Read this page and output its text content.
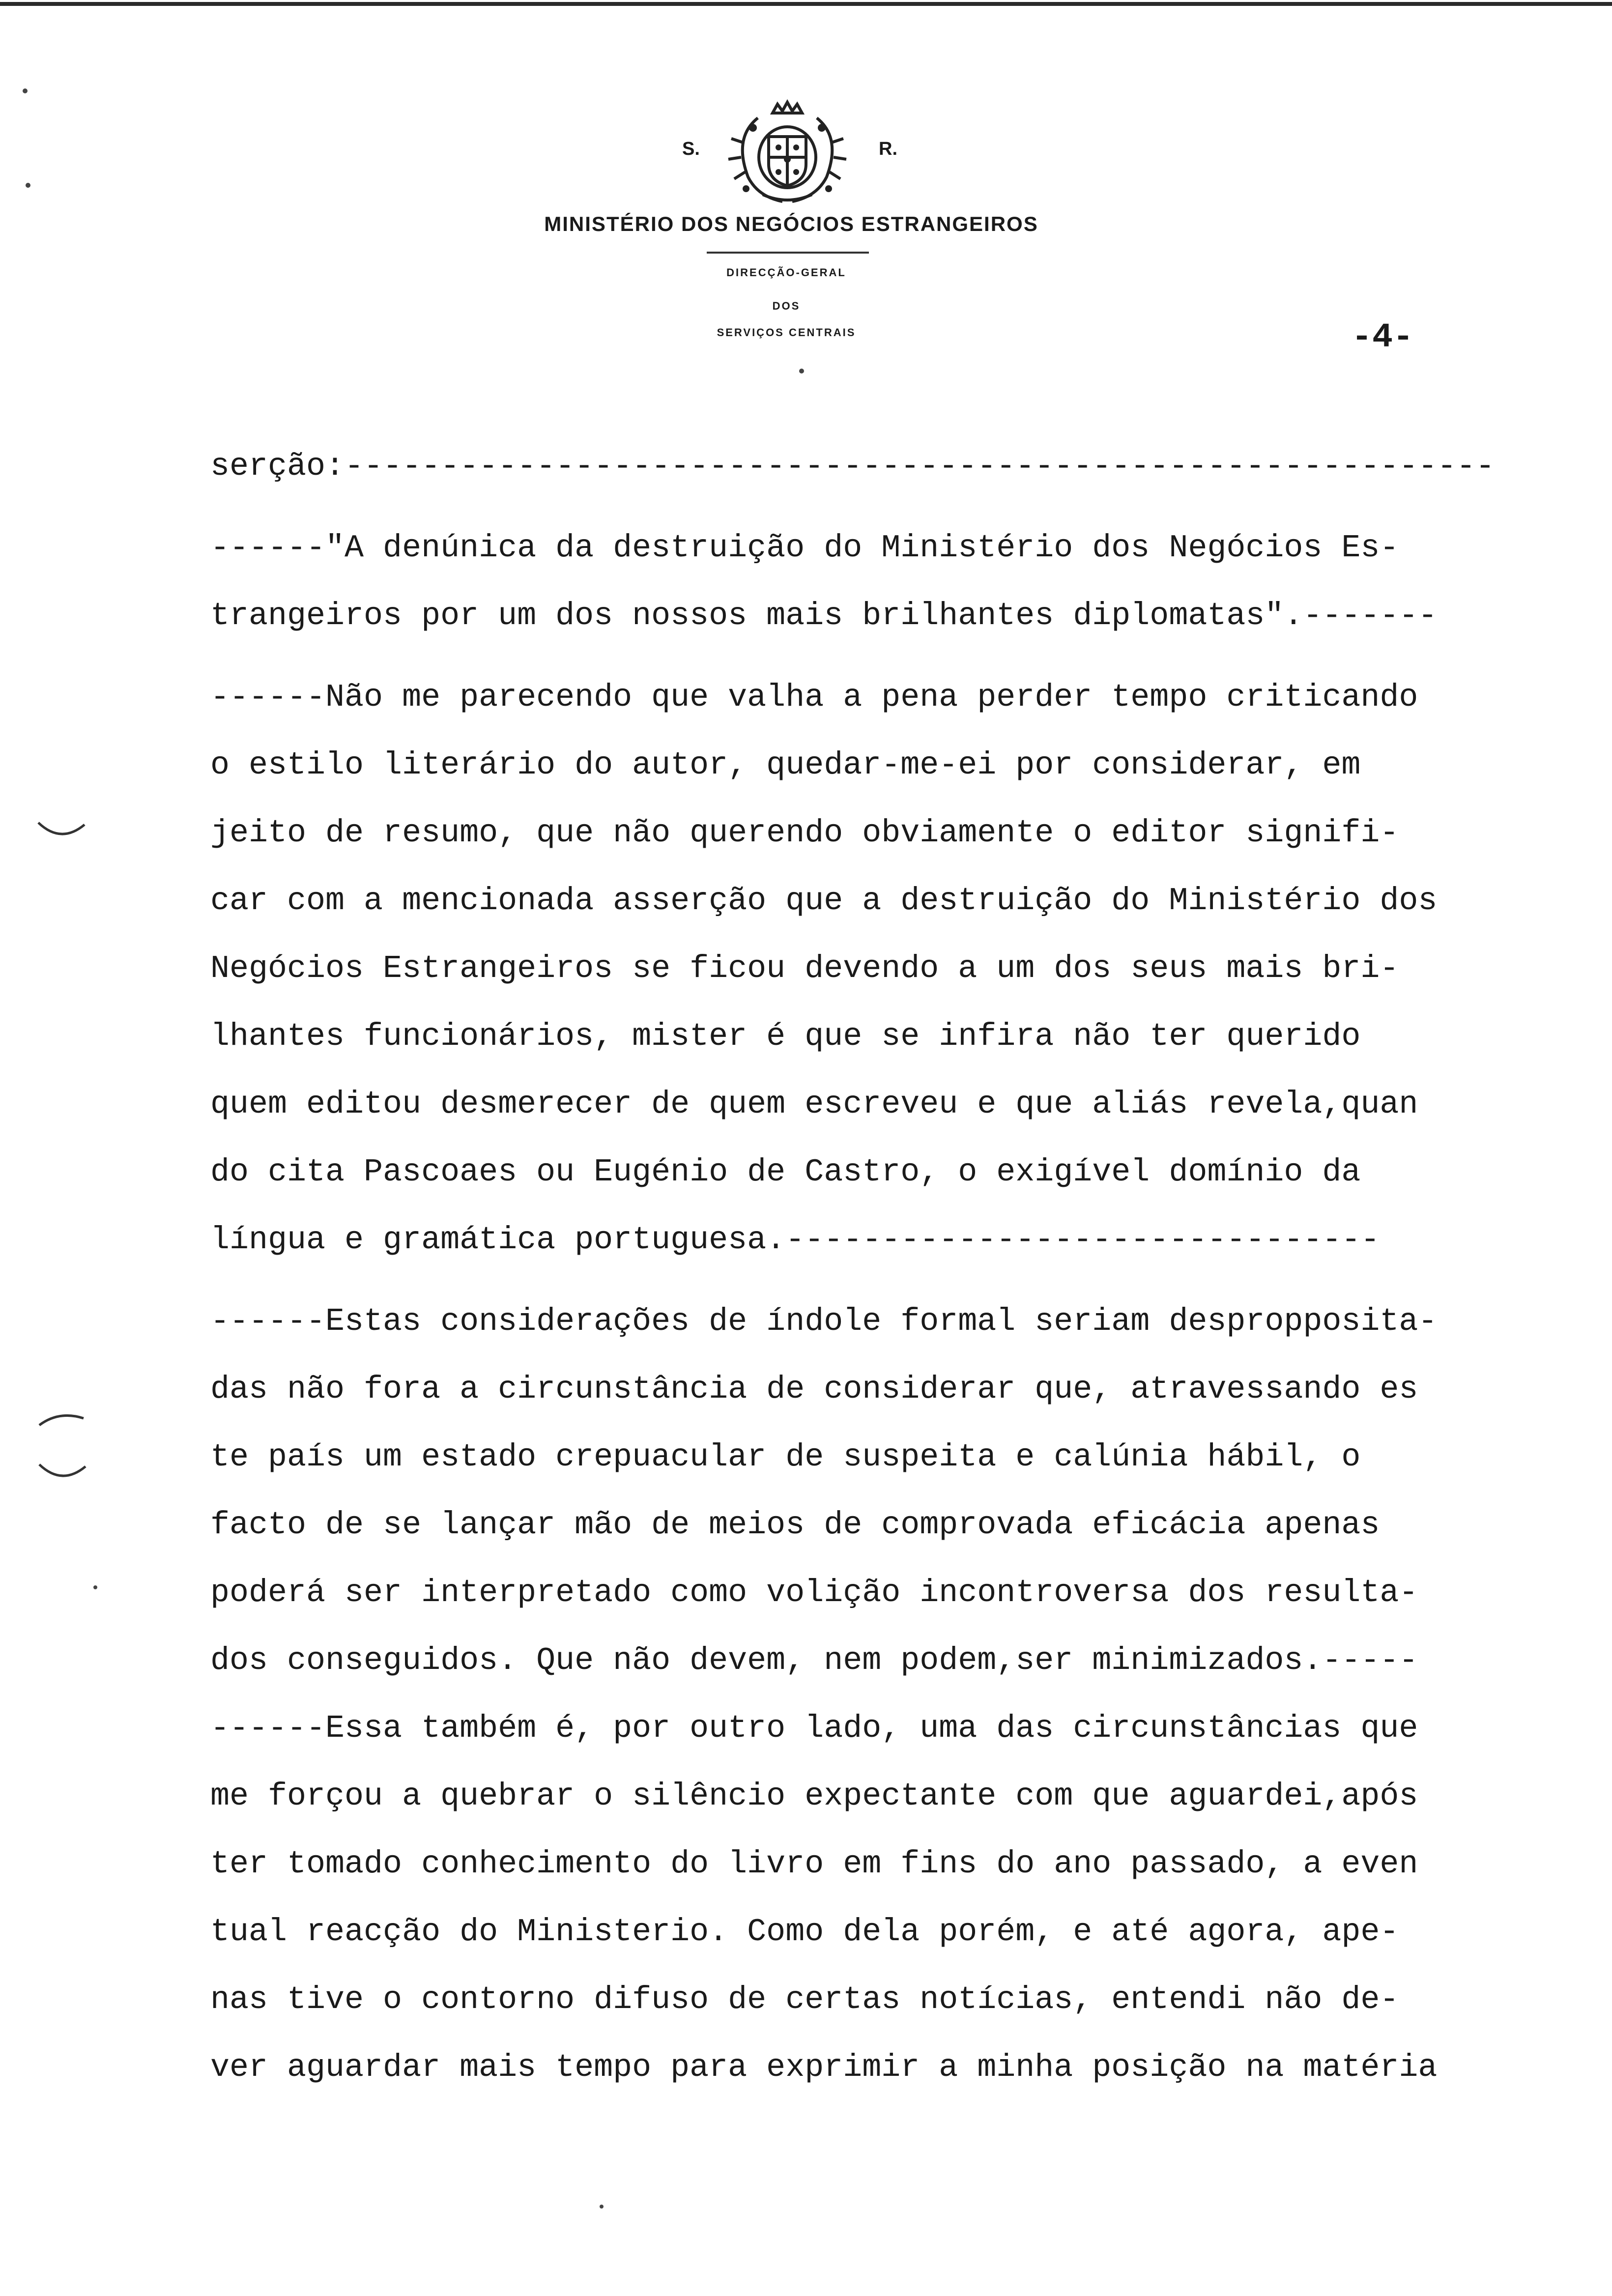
S.	R.
MINISTÉRIO DOS NEGÓCIOS ESTRANGEIROS
DIRECÇÃO-GERAL
DOS
SERVIÇOS CENTRAIS	-4-
serção:------------------------------------------------------------
------"A denúnica da destruição do Ministério dos Negócios Es-
trangeiros por um dos nossos mais brilhantes diplomatas".-------
------Não me parecendo que valha a pena perder tempo criticando
o estilo literário do autor, quedar-me-ei por considerar, em
jeito de resumo, que não querendo obviamente o editor signifi-
car com a mencionada asserção que a destruição do Ministério dos
Negócios Estrangeiros se ficou devendo a um dos seus mais bri-
lhantes funcionários, mister é que se infira não ter querido
quem editou desmerecer de quem escreveu e que aliás revela,quan
do cita Pascoaes ou Eugénio de Castro, o exigível domínio da
língua e gramática portuguesa.-------------------------------
------Estas considerações de índole formal seriam despropposita-
das não fora a circunstância de considerar que, atravessando es
te país um estado crepuacular de suspeita e calúnia hábil, o
facto de se lançar mão de meios de comprovada eficácia apenas
poderá ser interpretado como volição incontroversa dos resulta-
dos conseguidos. Que não devem, nem podem,ser minimizados.-----
------Essa também é, por outro lado, uma das circunstâncias que
me forçou a quebrar o silêncio expectante com que aguardei,após
ter tomado conhecimento do livro em fins do ano passado, a even
tual reacção do Ministerio. Como dela porém, e até agora, ape-
nas tive o contorno difuso de certas notícias, entendi não de-
ver aguardar mais tempo para exprimir a minha posição na matéria
